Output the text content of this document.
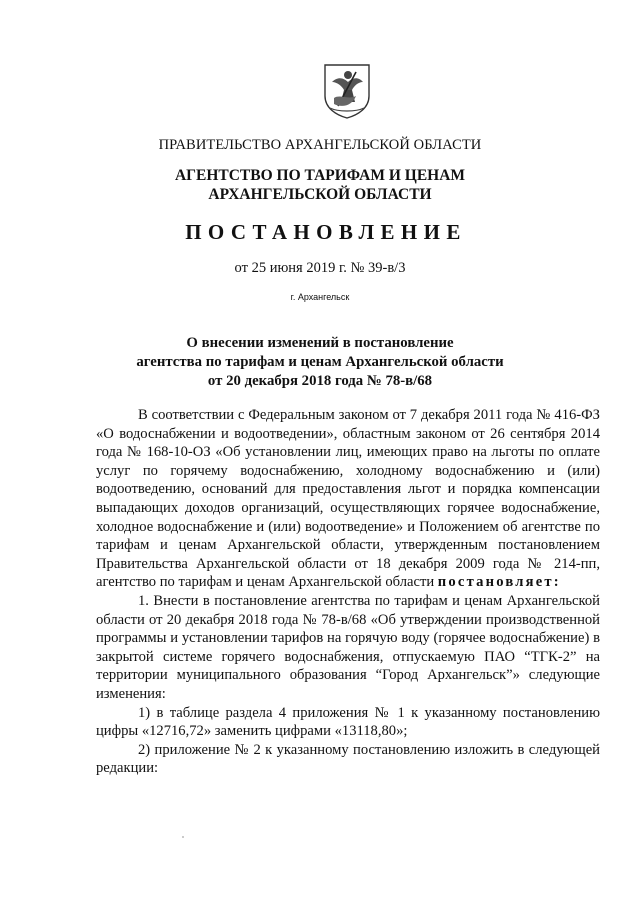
ПРАВИТЕЛЬСТВО АРХАНГЕЛЬСКОЙ ОБЛАСТИ
АГЕНТСТВО ПО ТАРИФАМ И ЦЕНАМ
АРХАНГЕЛЬСКОЙ ОБЛАСТИ
ПОСТАНОВЛЕНИЕ
от 25 июня 2019 г. № 39-в/3
г. Архангельск
О внесении изменений в постановление
агентства по тарифам и ценам Архангельской области
от 20 декабря 2018 года № 78-в/68

В соответствии с Федеральным законом от 7 декабря 2011 года № 416-ФЗ «О водоснабжении и водоотведении», областным законом от 26 сентября 2014 года № 168-10-ОЗ «Об установлении лиц, имеющих право на льготы по оплате услуг по горячему водоснабжению, холодному водоснабжению и (или) водоотведению, оснований для предоставления льгот и порядка компенсации выпадающих доходов организаций, осуществляющих горячее водоснабжение, холодное водоснабжение и (или) водоотведение» и Положением об агентстве по тарифам и ценам Архангельской области, утвержденным постановлением Правительства Архангельской области от 18 декабря 2009 года № 214-пп, агентство по тарифам и ценам Архангельской области постановляет:

1. Внести в постановление агентства по тарифам и ценам Архангельской области от 20 декабря 2018 года № 78-в/68 «Об утверждении производственной программы и установлении тарифов на горячую воду (горячее водоснабжение) в закрытой системе горячего водоснабжения, отпускаемую ПАО “ТГК-2” на территории муниципального образования “Город Архангельск”» следующие изменения:

1) в таблице раздела 4 приложения № 1 к указанному постановлению цифры «12716,72» заменить цифрами «13118,80»;

2) приложение № 2 к указанному постановлению изложить в следующей редакции:
